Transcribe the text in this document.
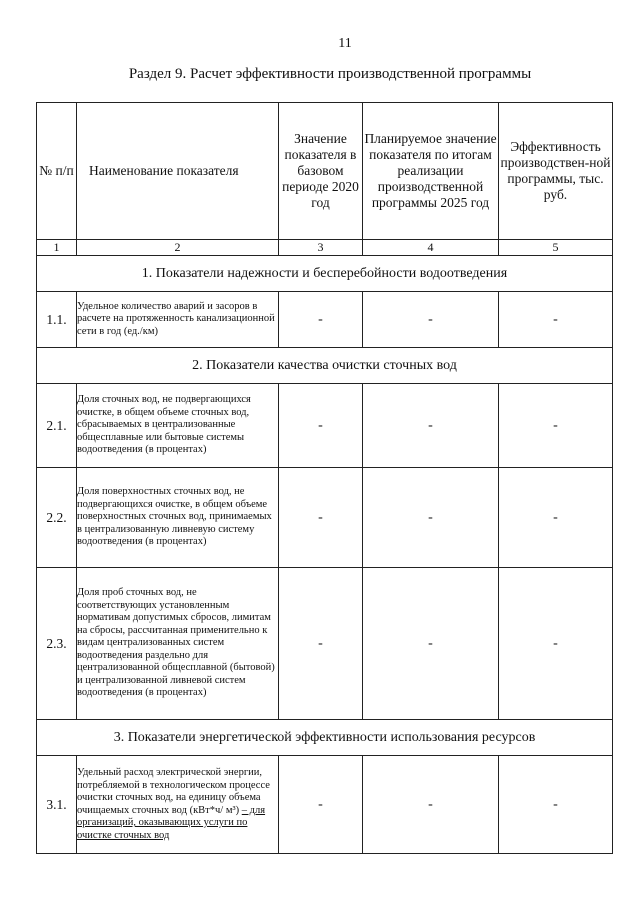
11
Раздел 9. Расчет эффективности производственной программы
№ п/п	Наименование показателя	Значение показателя в базовом периоде 2020 год	Планируемое значение показателя по итогам реализации производственной программы 2025 год	Эффективность производствен-ной программы, тыс. руб.
1	2	3	4	5
1. Показатели надежности и бесперебойности водоотведения				
1.1.	Удельное количество аварий и засоров в расчете на протяженность канализационной сети в год (ед./км)	-	-	-
2. Показатели качества очистки сточных вод				
2.1.	Доля сточных вод, не подвергающихся очистке, в общем объеме сточных вод, сбрасываемых в централизованные общесплавные или бытовые системы водоотведения (в процентах)	-	-	-
2.2.	Доля поверхностных сточных вод, не подвергающихся очистке, в общем объеме поверхностных сточных вод, принимаемых в централизованную ливневую систему водоотведения (в процентах)	-	-	-
2.3.	Доля проб сточных вод, не соответствующих установленным нормативам допустимых сбросов, лимитам на сбросы, рассчитанная применительно к видам централизованных систем водоотведения раздельно для централизованной общесплавной (бытовой) и централизованной ливневой систем водоотведения (в процентах)	-	-	-
3. Показатели энергетической эффективности использования ресурсов				
3.1.	Удельный расход электрической энергии, потребляемой в технологическом процессе очистки сточных вод, на единицу объема очищаемых сточных вод (кВт*ч/ м³) – для организаций, оказывающих услуги по очистке сточных вод	-	-	-
